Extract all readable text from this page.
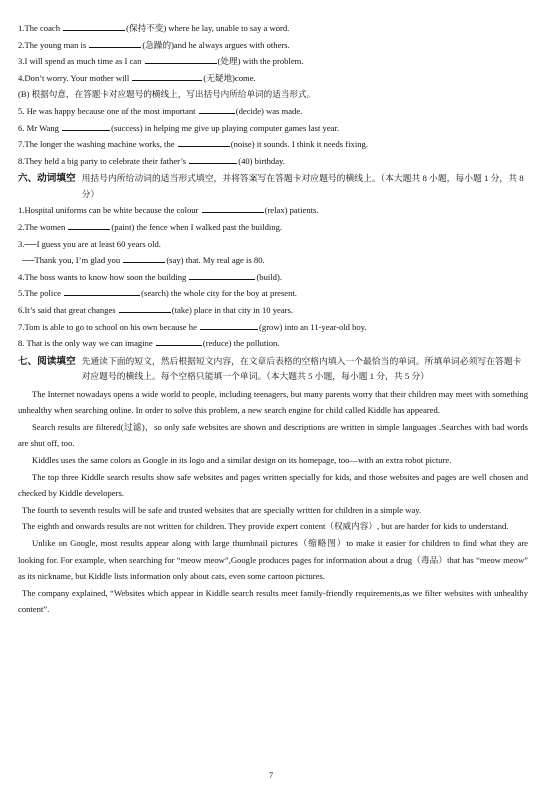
1.The coach	(保持不变) where he lay, unable to say a word.
2.The young man is	(急躁的)and he always argues with others.
3.I will spend as much time as I can	(处理) with the problem.
4.Don’t worry. Your mother will	(无疑地)come.
(B) 根据句意，在答题卡对应题号的横线上，写出括号内所给单词的适当形式。
5. He was happy because one of the most important	(decide) was made.
6. Mr Wang	(success) in helping me give up playing computer games last year.
7.The longer the washing machine works, the	(noise) it sounds. I think it needs fixing.
8.They held a big party to celebrate their father’s	(40) birthday.
六、动词填空 用括号内所给动词的适当形式填空，并将答案写在答题卡对应题号的横线上。（本大题共 8 小题，每小题 1 分，共 8 分）
1.Hospital uniforms can be white because the colour	(relax) patients.
2.The women	(paint) the fence when I walked past the building.
3.──I guess you are at least 60 years old.
──Thank you, I’m glad you	(say) that. My real age is 80.
4.The boss wants to know how soon the building	(build).
5.The police	(search) the whole city for the boy at present.
6.It’s said that great changes	(take) place in that city in 10 years.
7.Tom is able to go to school on his own because he	(grow) into an 11-year-old boy.
8. That is the only way we can imagine	(reduce) the pollution.
七、阅读填空 先通读下面的短文，然后根据短文内容，在文章后表格的空格内填入一个最恰当的单词。所填单词必须写在答题卡对应题号的横线上。每个空格只能填一个单词。（本大题共 5 小题，每小题 1 分，共 5 分）

The Internet nowadays opens a wide world to people, including teenagers, but many parents worry that their children may meet with something unhealthy when searching online. In order to solve this problem, a new search engine for child called Kiddle has appeared.

Search results are filtered(过滤)，so only safe websites are shown and descriptions are written in simple languages .Searches with bad words are shut off, too.

Kiddles uses the same colors as Google in its logo and a similar design on its homepage, too—with an extra robot picture.

The top three Kiddle search results show safe websites and pages written specially for kids, and those websites and pages are well chosen and checked by Kiddle developers.

The fourth to seventh results will be safe and trusted websites that are specially written for children in a simple way.

The eighth and onwards results are not written for children. They provide expert content（权威内容）, but are harder for kids to understand.

Unlike on Google, most results appear along with large thumbnail pictures（缩略图）to make it easier for children to find what they are looking for. For example, when searching for “meow meow”,Google produces pages for information about a drug（毒品）that has “meow meow” as its nickname, but Kiddle lists information only about cats, even some cartoon pictures.

The company explained, “Websites which appear in Kiddle search results meet family-friendly requirements,as we filter websites with unhealthy content”.

7
